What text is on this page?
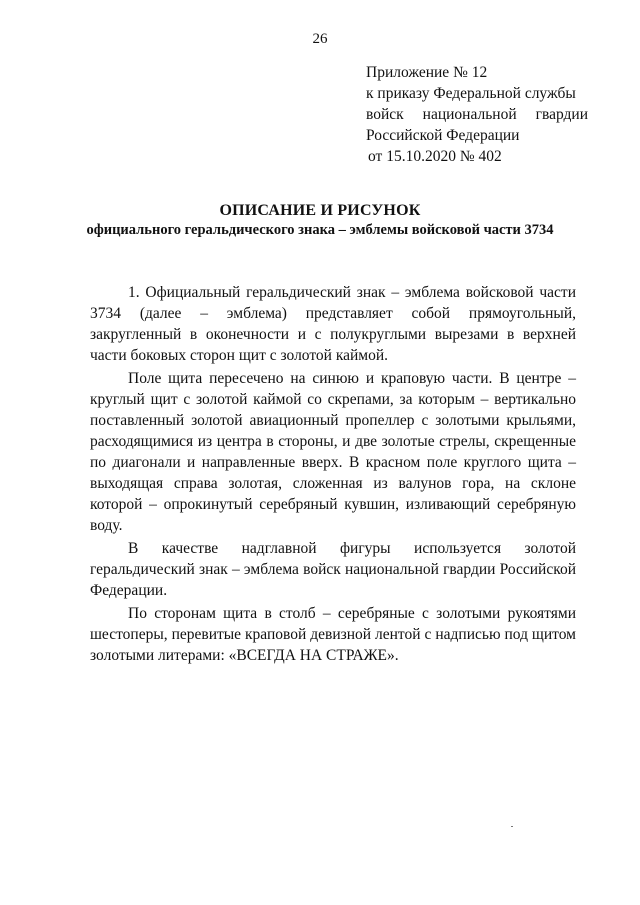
26
Приложение № 12
к приказу Федеральной службы
войск национальной гвардии
Российской Федерации
от 15.10.2020 № 402
ОПИСАНИЕ И РИСУНОК
официального геральдического знака – эмблемы войсковой части 3734

1. Официальный геральдический знак – эмблема войсковой части 3734 (далее – эмблема) представляет собой прямоугольный, закругленный в оконечности и с полукруглыми вырезами в верхней части боковых сторон щит с золотой каймой.

Поле щита пересечено на синюю и краповую части. В центре – круглый щит с золотой каймой со скрепами, за которым – вертикально поставленный золотой авиационный пропеллер с золотыми крыльями, расходящимися из центра в стороны, и две золотые стрелы, скрещенные по диагонали и направленные вверх. В красном поле круглого щита – выходящая справа золотая, сложенная из валунов гора, на склоне которой – опрокинутый серебряный кувшин, изливающий серебряную воду.

В качестве надглавной фигуры используется золотой геральдический знак – эмблема войск национальной гвардии Российской Федерации.

По сторонам щита в столб – серебряные с золотыми рукоятями шестоперы, перевитые краповой девизной лентой с надписью под щитом золотыми литерами: «ВСЕГДА НА СТРАЖЕ».
